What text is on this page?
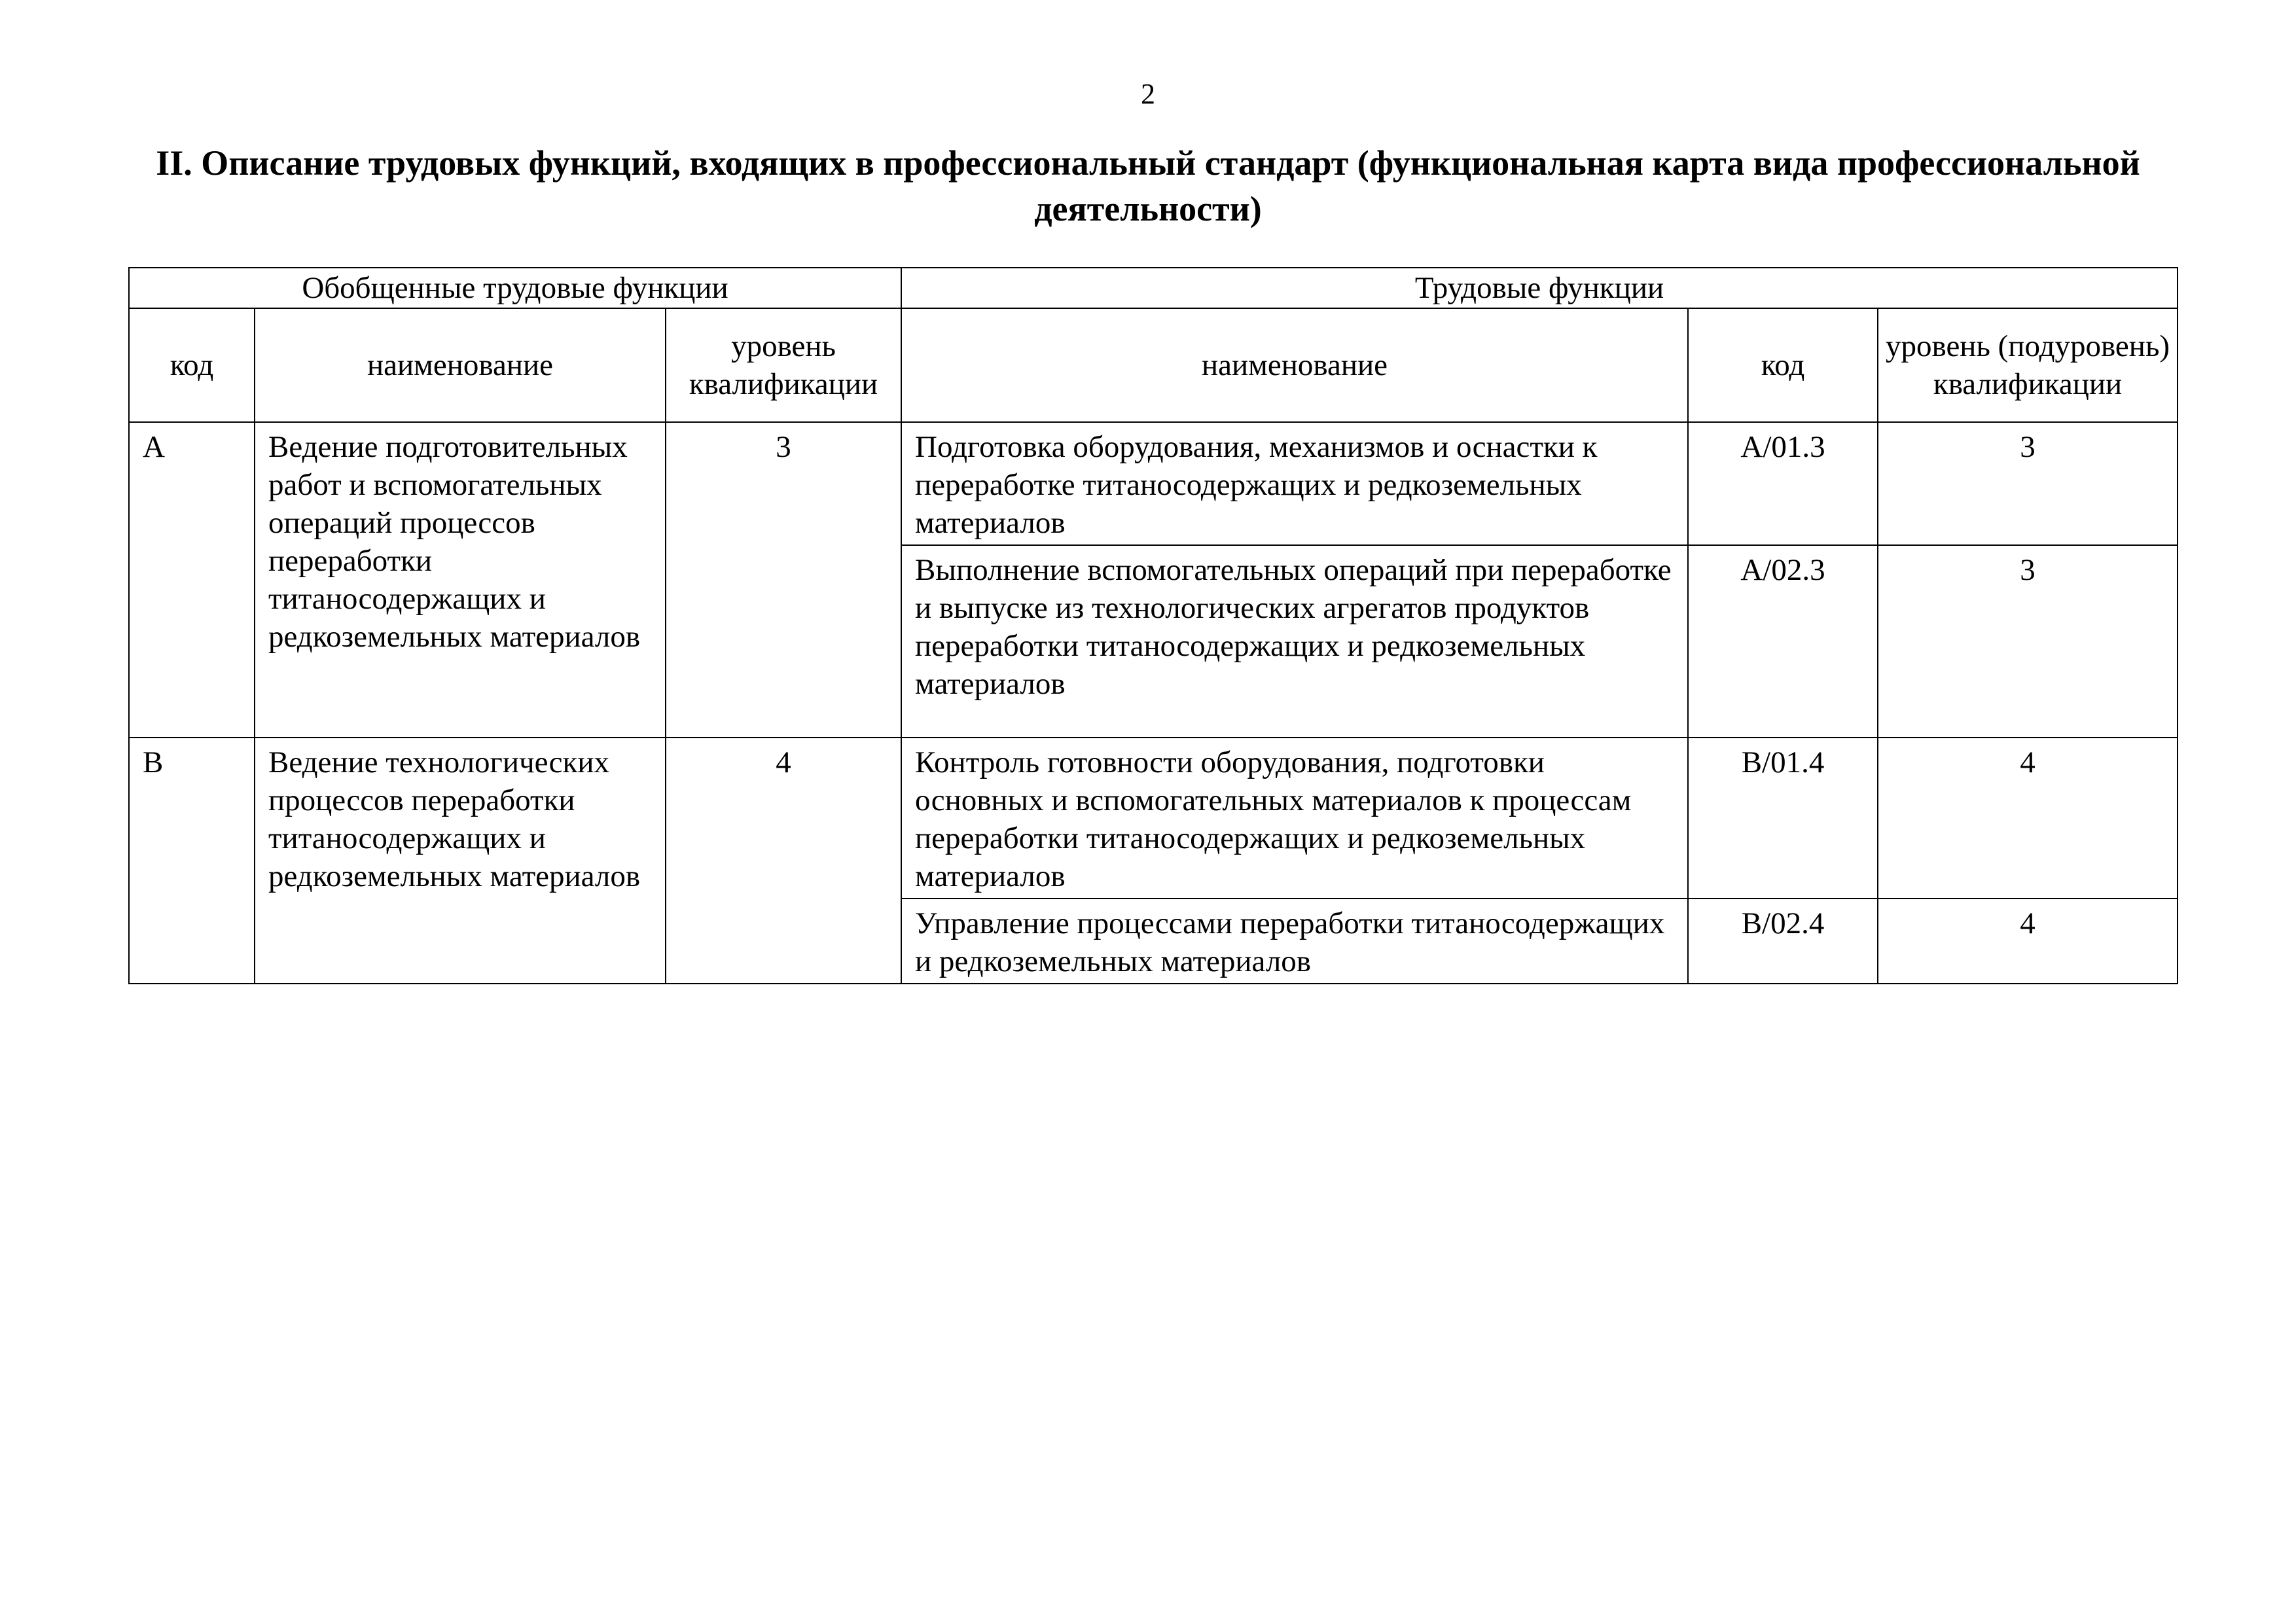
2
II. Описание трудовых функций, входящих в профессиональный стандарт (функциональная карта вида профессиональной деятельности)
Обобщенные трудовые функции			Трудовые функции		
код	наименование	уровень квалификации	наименование	код	уровень (подуровень) квалификации
A	Ведение подготовительных работ и вспомогательных операций процессов переработки титаносодержащих и редкоземельных материалов	3	Подготовка оборудования, механизмов и оснастки к переработке титаносодержащих и редкоземельных материалов	A/01.3	3
			Выполнение вспомогательных операций при переработке и выпуске из технологических агрегатов продуктов переработки титаносодержащих и редкоземельных материалов	A/02.3	3
B	Ведение технологических процессов переработки титаносодержащих и редкоземельных материалов	4	Контроль готовности оборудования, подготовки основных и вспомогательных материалов к процессам переработки титаносодержащих и редкоземельных материалов	B/01.4	4
			Управление процессами переработки титаносодержащих и редкоземельных материалов	B/02.4	4
